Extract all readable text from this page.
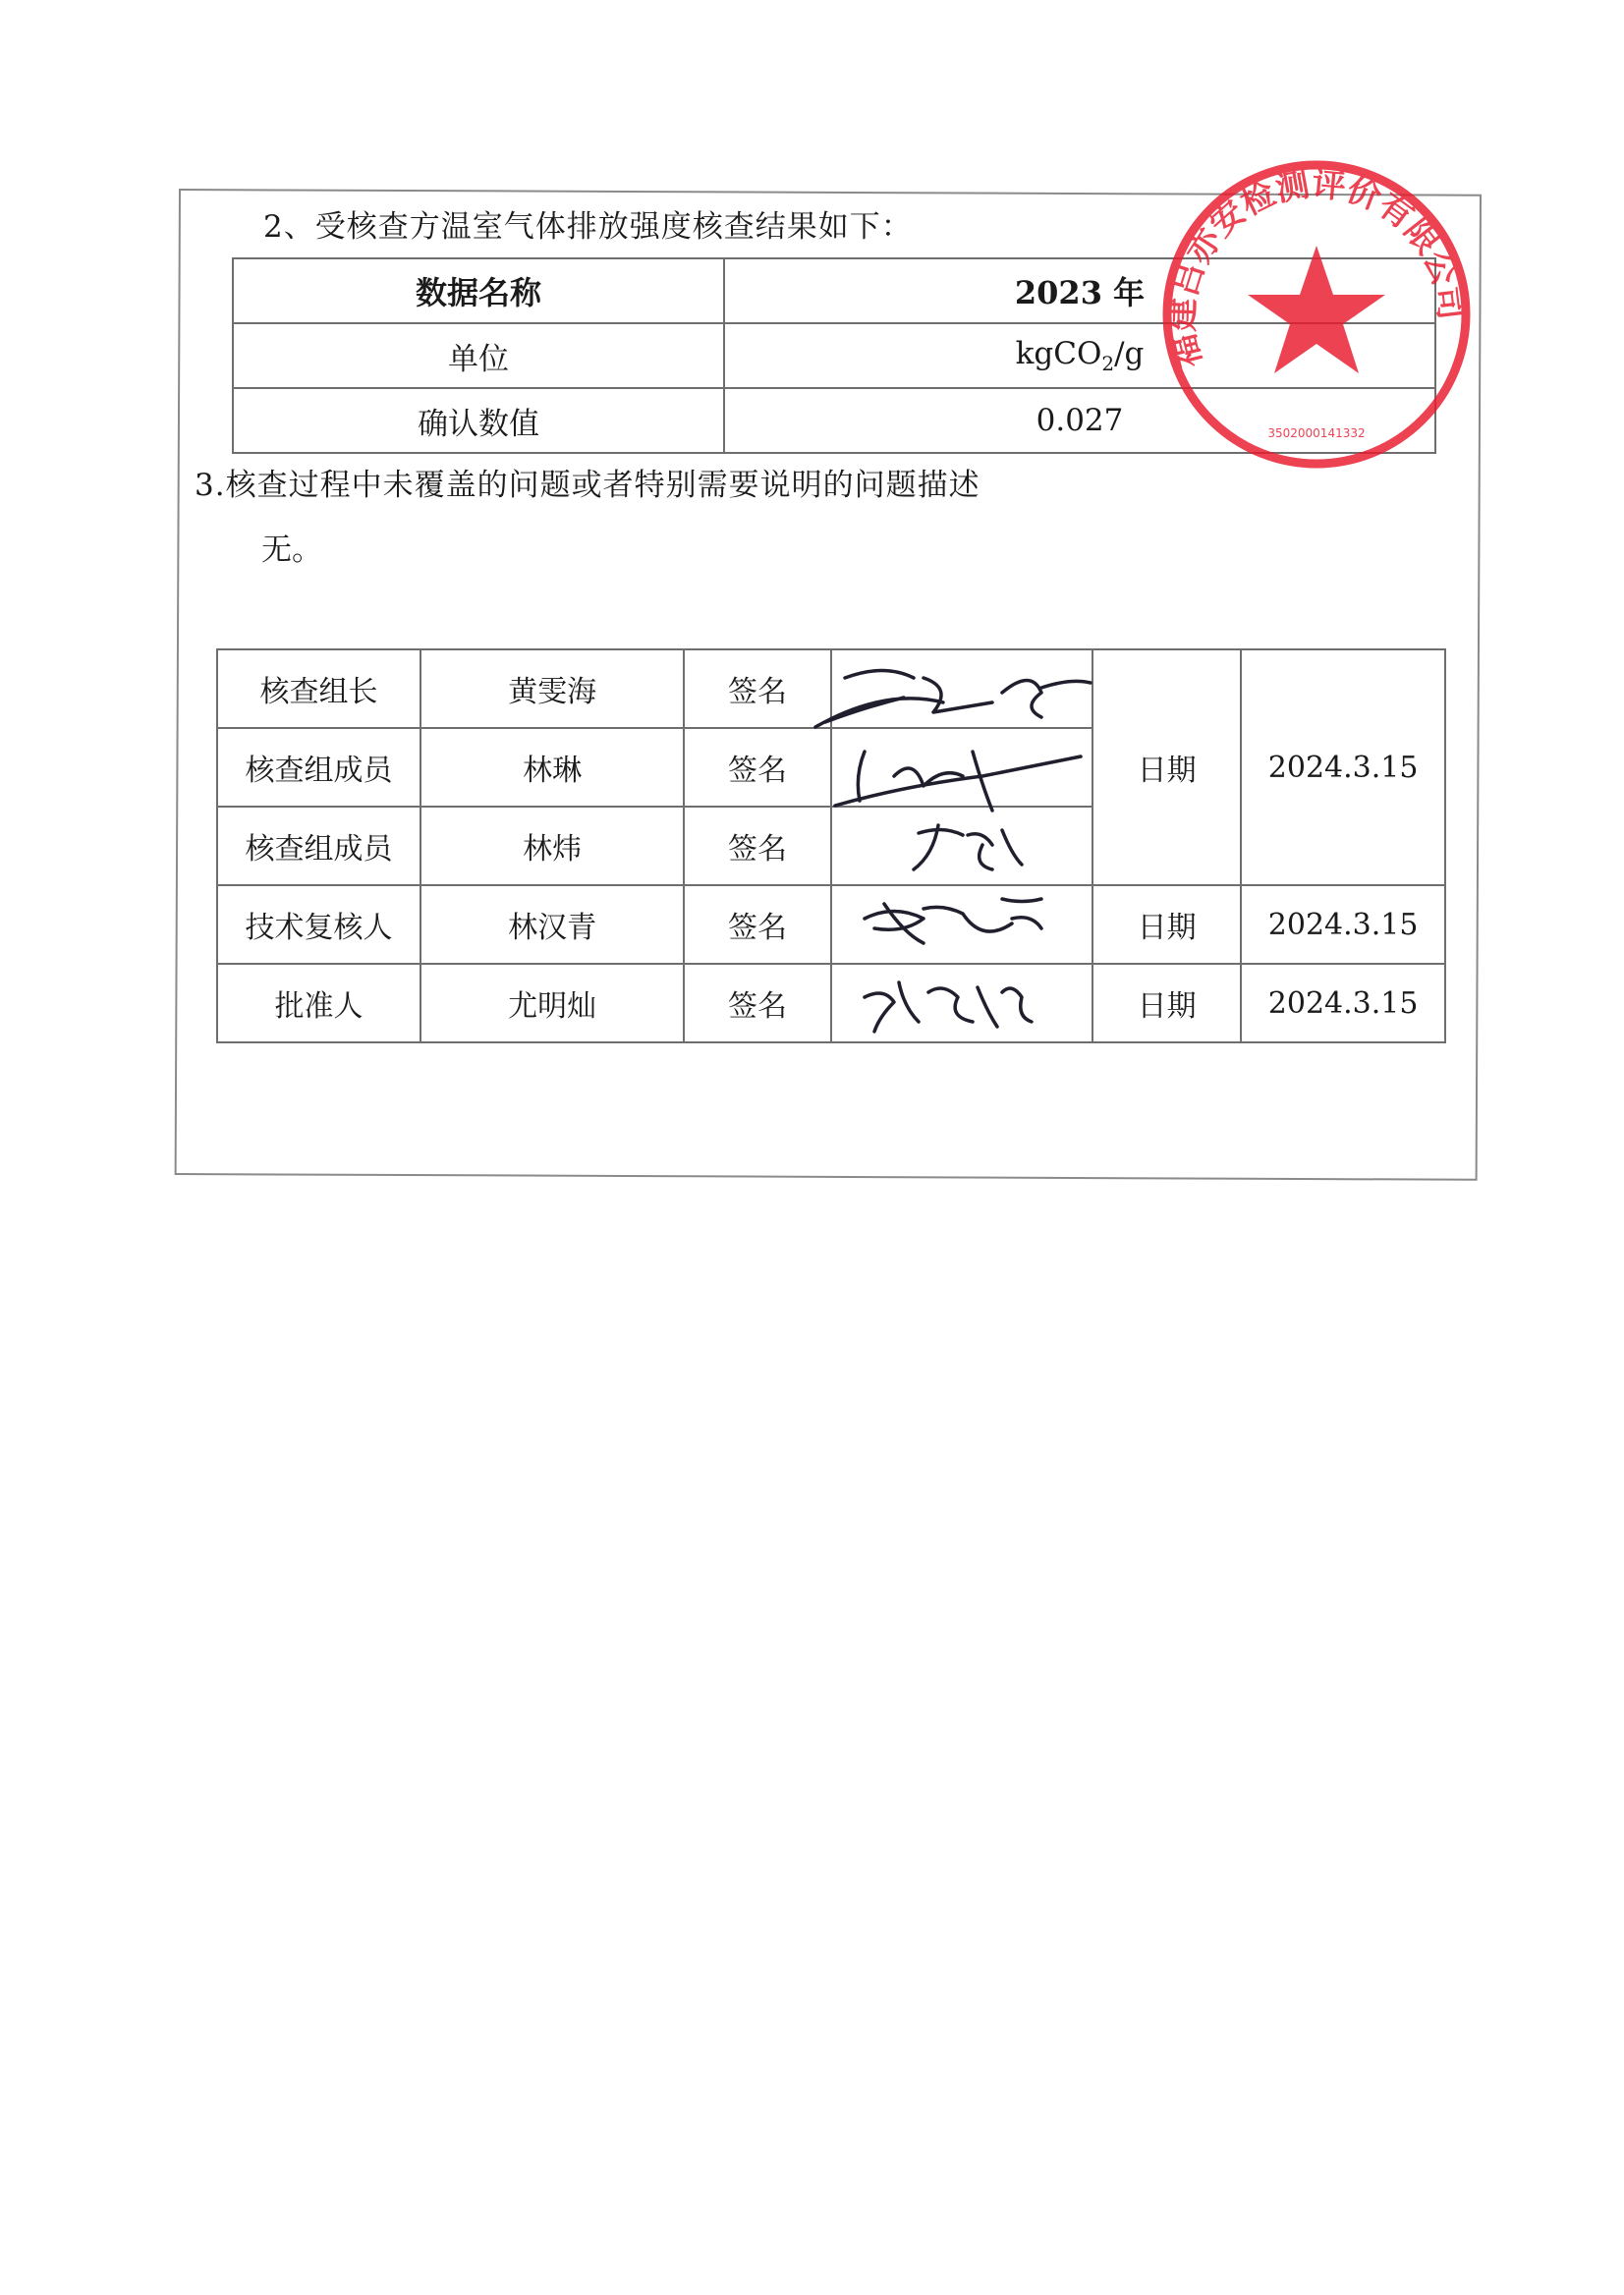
2、受核查方温室气体排放强度核查结果如下：
数据名称	2023 年
单位	kgCO$_2$/g
确认数值	0.027
3.核查过程中未覆盖的问题或者特别需要说明的问题描述
无。
核查组长	黄雯海	签名		日期	2024.3.15
核查组成员	林琳	签名			
核查组成员	林炜	签名			
技术复核人	林汉青	签名		日期	2024.3.15
批准人	尤明灿	签名		日期	2024.3.15
福建吕亦安检测评价有限公司
3502000141332
